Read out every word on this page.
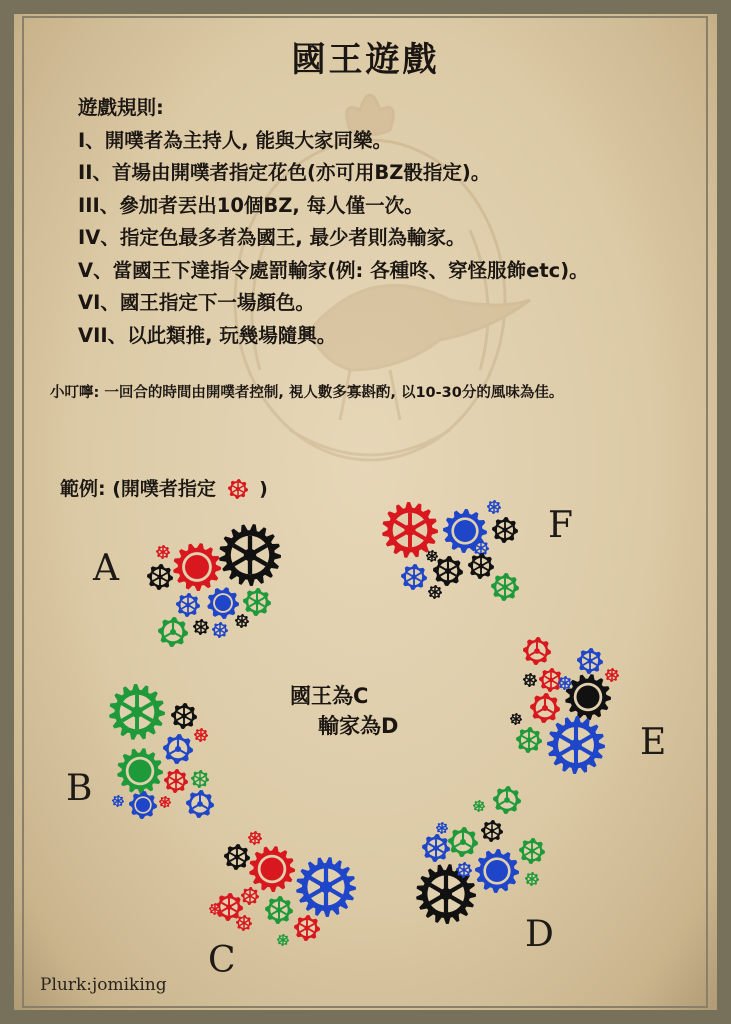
國王遊戲
遊戲規則:
I、開噗者為主持人, 能與大家同樂。
II、首場由開噗者指定花色(亦可用BZ骰指定)。
III、參加者丟出10個BZ, 每人僅一次。
IV、指定色最多者為國王, 最少者則為輸家。
V、當國王下達指令處罰輸家(例: 各種咚、穿怪服飾etc)。
VI、國王指定下一場顏色。
VII、以此類推, 玩幾場隨興。
小叮嚀: 一回合的時間由開噗者控制, 視人數多寡斟酌, 以10-30分的風味為佳。
範例: (開噗者指定 )
國王為C
輸家為D
A
B
C
D
E
F
Plurk:jomiking
